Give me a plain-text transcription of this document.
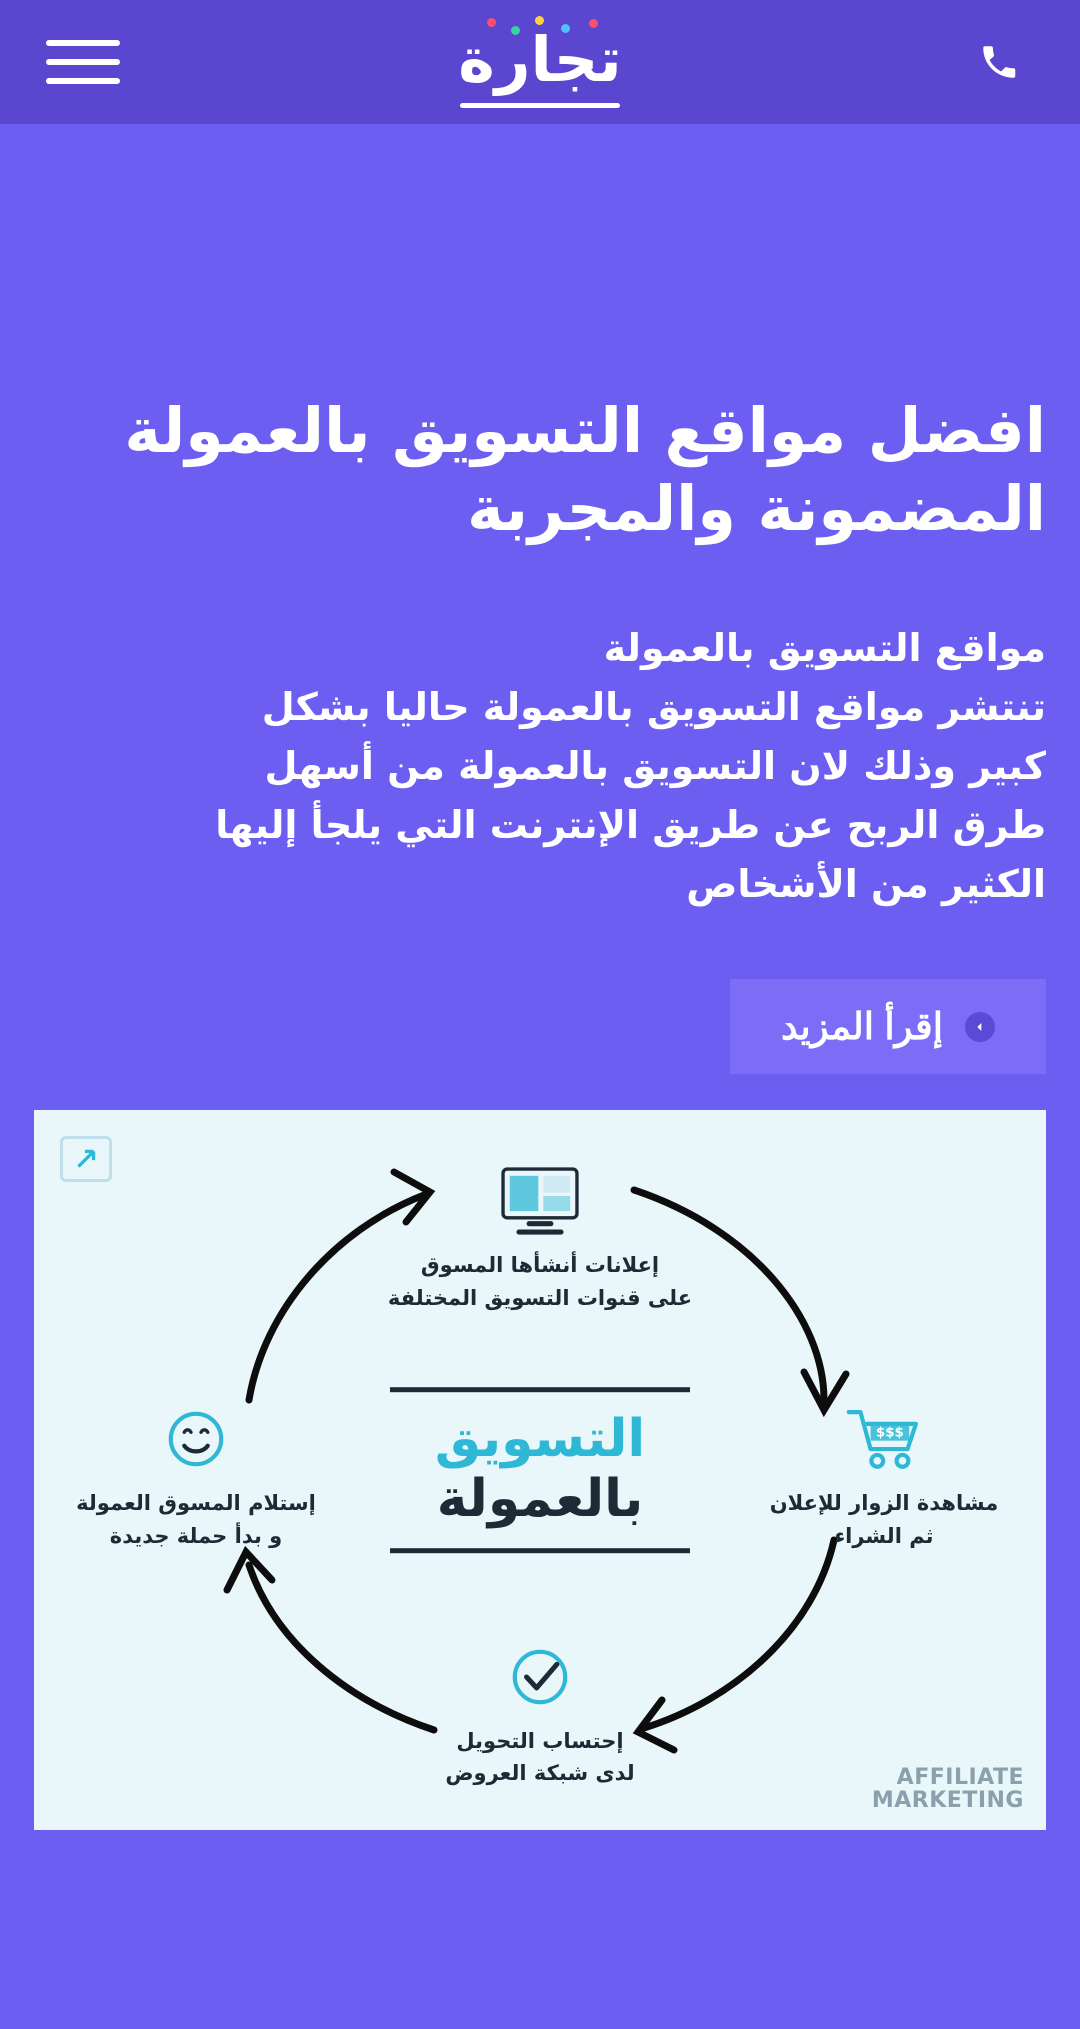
تجارة
افضل مواقع التسويق بالعمولة المضمونة والمجربة
مواقع التسويق بالعمولة
تنتشر مواقع التسويق بالعمولة حاليا بشكل
كبير وذلك لان التسويق بالعمولة من أسهل
طرق الربح عن طريق الإنترنت التي يلجأ إليها
الكثير من الأشخاص
إقرأ المزيد
التسويق
بالعمولة
إعلانات أنشأها المسوق
على قنوات التسويق المختلفة
$$$
مشاهدة الزوار للإعلان
ثم الشراء
إحتساب التحويل
لدى شبكة العروض
إستلام المسوق العمولة
و بدأ حملة جديدة
AFFILIATE
MARKETING
